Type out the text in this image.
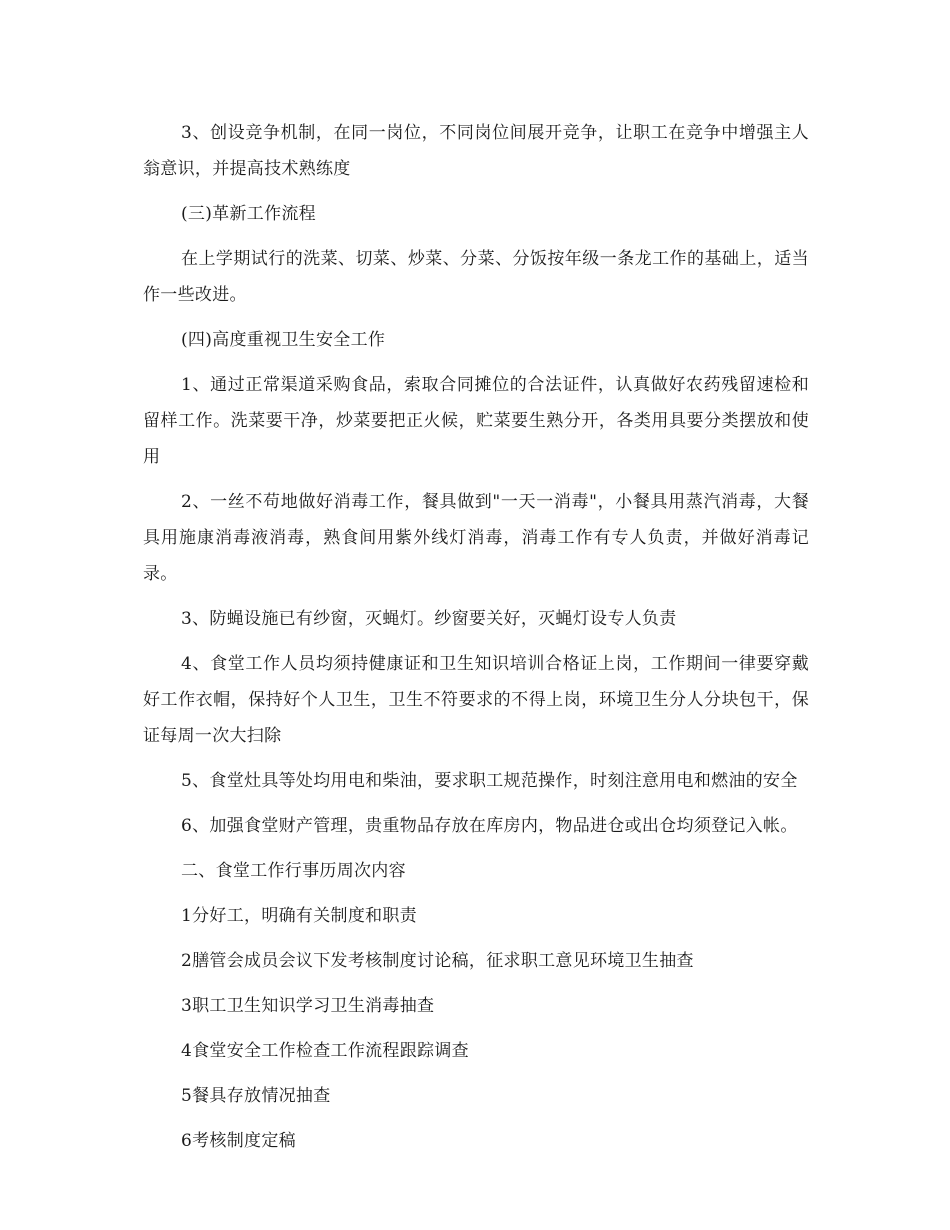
3、创设竞争机制，在同一岗位，不同岗位间展开竞争，让职工在竞争中增强主人翁意识，并提高技术熟练度

(三)革新工作流程

在上学期试行的洗菜、切菜、炒菜、分菜、分饭按年级一条龙工作的基础上，适当作一些改进。

(四)高度重视卫生安全工作

1、通过正常渠道采购食品，索取合同摊位的合法证件，认真做好农药残留速检和留样工作。洗菜要干净，炒菜要把正火候，贮菜要生熟分开，各类用具要分类摆放和使用

2、一丝不苟地做好消毒工作，餐具做到"一天一消毒"，小餐具用蒸汽消毒，大餐具用施康消毒液消毒，熟食间用紫外线灯消毒，消毒工作有专人负责，并做好消毒记录。

3、防蝇设施已有纱窗，灭蝇灯。纱窗要关好，灭蝇灯设专人负责

4、食堂工作人员均须持健康证和卫生知识培训合格证上岗，工作期间一律要穿戴好工作衣帽，保持好个人卫生，卫生不符要求的不得上岗，环境卫生分人分块包干，保证每周一次大扫除

5、食堂灶具等处均用电和柴油，要求职工规范操作，时刻注意用电和燃油的安全

6、加强食堂财产管理，贵重物品存放在库房内，物品进仓或出仓均须登记入帐。

二、食堂工作行事历周次内容

1分好工，明确有关制度和职责

2膳管会成员会议下发考核制度讨论稿，征求职工意见环境卫生抽查

3职工卫生知识学习卫生消毒抽查

4食堂安全工作检查工作流程跟踪调查

5餐具存放情况抽查

6考核制度定稿
